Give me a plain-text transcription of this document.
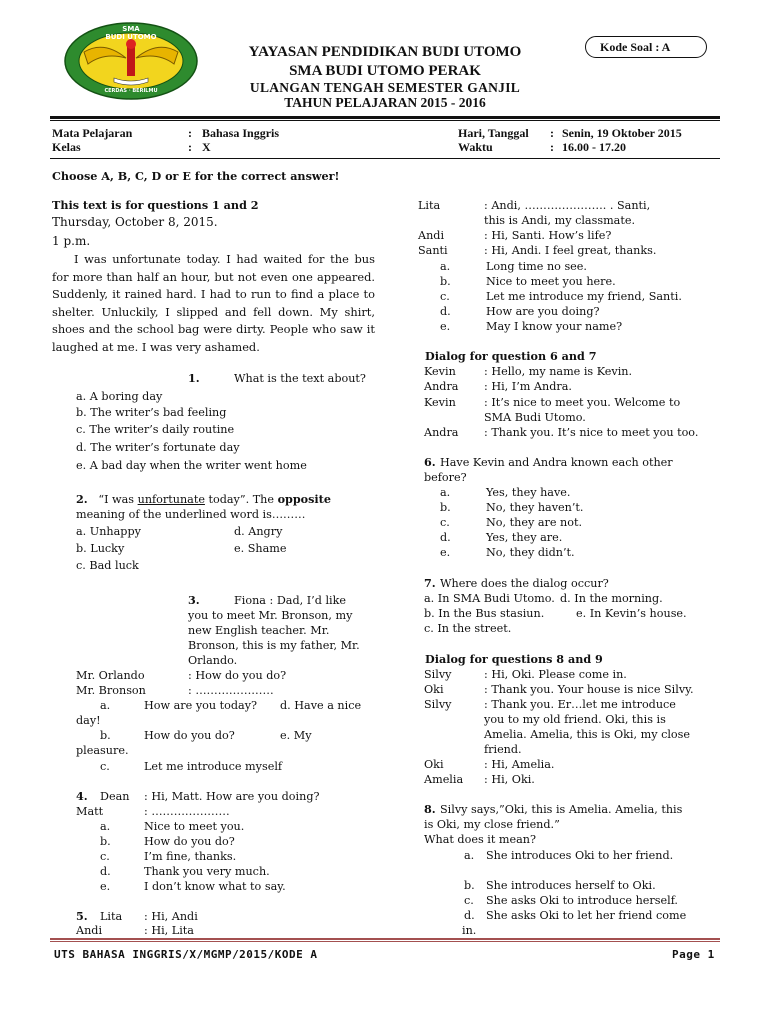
SMA
BUDI UTOMO
CERDAS · BERILMU
YAYASAN PENDIDIKAN BUDI UTOMO
SMA BUDI UTOMO PERAK
ULANGAN TENGAH SEMESTER GANJIL
TAHUN PELAJARAN 2015 - 2016
Kode Soal : A
Mata Pelajaran	: Bahasa Inggris
Kelas	: X
Hari, Tanggal : Senin, 19 Oktober 2015
Waktu	: 16.00 - 17.20
Choose A, B, C, D or E for the correct answer!
This text is for questions 1 and 2
Thursday, October 8, 2015.
1 p.m.
I was unfortunate today. I had waited for the bus for more than half an hour, but not even one appeared. Suddenly, it rained hard. I had to run to find a place to shelter. Unluckily, I slipped and fell down. My shirt, shoes and the school bag were dirty. People who saw it laughed at me. I was very ashamed.
1.	What is the text about?
a. A boring day
b. The writer’s bad feeling
c. The writer’s daily routine
d. The writer’s fortunate day
e. A bad day when the writer went home
2. “I was unfortunate today”. The opposite
meaning of the underlined word is………
a. Unhappy	d. Angry
b. Lucky	e. Shame
c. Bad luck
3.	Fiona : Dad, I’d like
you to meet Mr. Bronson, my
new English teacher. Mr.
Bronson, this is my father, Mr.
Orlando.
Mr. Orlando	: How do you do?
Mr. Bronson	: …………………
a.	How are you today? d. Have a nice
day!
b.	How do you do?	e. My
pleasure.
c.	Let me introduce myself
4. Dean : Hi, Matt. How are you doing?
Matt	: …………………
a.	Nice to meet you.
b.	How do you do?
c.	I’m fine, thanks.
d.	Thank you very much.
e.	I don’t know what to say.
5. Lita : Hi, Andi
Andi	: Hi, Lita
Lita	: Andi, …………………. . Santi,
this is Andi, my classmate.
Andi	: Hi, Santi. How’s life?
Santi	: Hi, Andi. I feel great, thanks.
a.	Long time no see.
b.	Nice to meet you here.
c.	Let me introduce my friend, Santi.
d.	How are you doing?
e.	May I know your name?
Dialog for question 6 and 7
Kevin	: Hello, my name is Kevin.
Andra : Hi, I’m Andra.
Kevin	: It’s nice to meet you. Welcome to
SMA Budi Utomo.
Andra : Thank you. It’s nice to meet you too.
6. Have Kevin and Andra known each other
before?
a.	Yes, they have.
b.	No, they haven’t.
c.	No, they are not.
d.	Yes, they are.
e.	No, they didn’t.
7. Where does the dialog occur?
a. In SMA Budi Utomo. d. In the morning.
b. In the Bus stasiun.	e. In Kevin’s house.
c. In the street.
Dialog for questions 8 and 9
Silvy	: Hi, Oki. Please come in.
Oki	: Thank you. Your house is nice Silvy.
Silvy	: Thank you. Er…let me introduce
you to my old friend. Oki, this is
Amelia. Amelia, this is Oki, my close
friend.
Oki	: Hi, Amelia.
Amelia : Hi, Oki.
8. Silvy says,”Oki, this is Amelia. Amelia, this
is Oki, my close friend.”
What does it mean?
a. She introduces Oki to her friend.
b. She introduces herself to Oki.
c. She asks Oki to introduce herself.
d. She asks Oki to let her friend come
in.
UTS BAHASA INGGRIS/X/MGMP/2015/KODE A	Page 1
